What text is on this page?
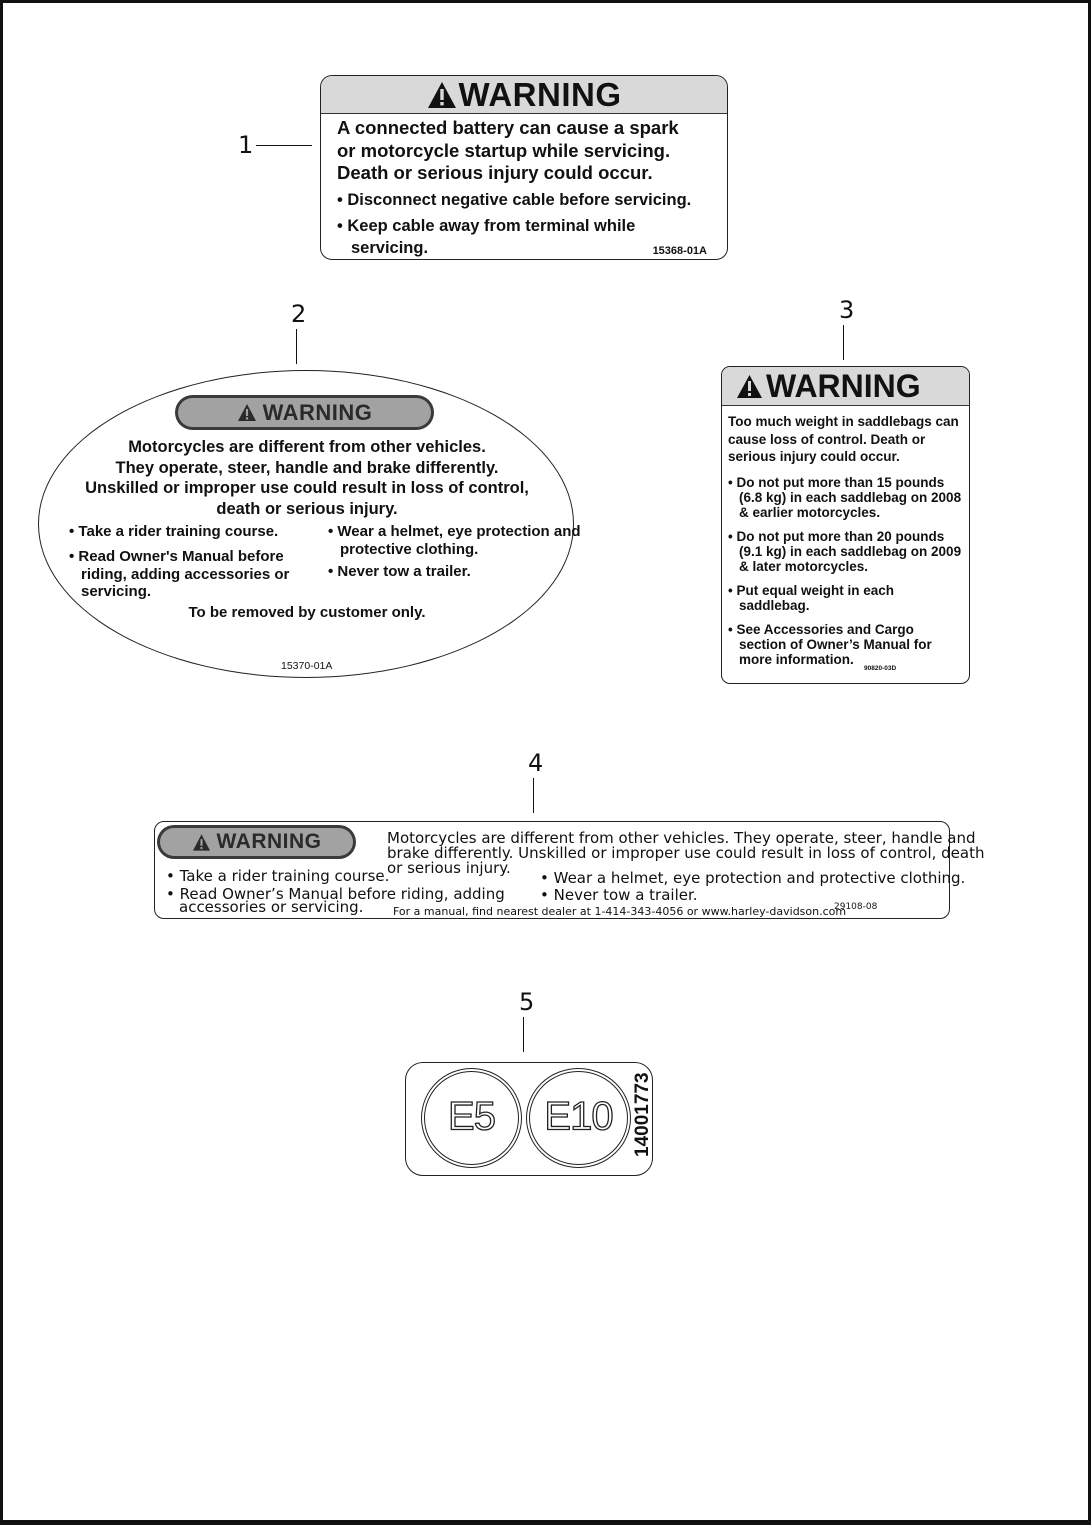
1
WARNING
A connected battery can cause a spark
or motorcycle startup while servicing.
Death or serious injury could occur.
• Disconnect negative cable before servicing.
• Keep cable away from terminal while servicing.	15368-01A
2
WARNING
Motorcycles are different from other vehicles.
They operate, steer, handle and brake differently.
Unskilled or improper use could result in loss of control,
death or serious injury.
• Take a rider training course.
• Read Owner's Manual before riding, adding accessories or servicing.
• Wear a helmet, eye protection and protective clothing.
• Never tow a trailer.
To be removed by customer only.
15370-01A
3
WARNING
Too much weight in saddlebags can cause loss of control. Death or serious injury could occur.
• Do not put more than 15 pounds (6.8 kg) in each saddlebag on 2008 & earlier motorcycles.
• Do not put more than 20 pounds (9.1 kg) in each saddlebag on 2009 & later motorcycles.
• Put equal weight in each saddlebag.
• See Accessories and Cargo section of Owner’s Manual for more information.
90820-03D
4
WARNING	Motorcycles are different from other vehicles. They operate, steer, handle and
brake differently. Unskilled or improper use could result in loss of control, death
or serious injury.
• Take a rider training course.
• Read Owner’s Manual before riding, adding
accessories or servicing.
• Wear a helmet, eye protection and protective clothing.
• Never tow a trailer.
For a manual, find nearest dealer at 1-414-343-4056 or www.harley-davidson.com
29108-08
5
E5	E10	14001773
